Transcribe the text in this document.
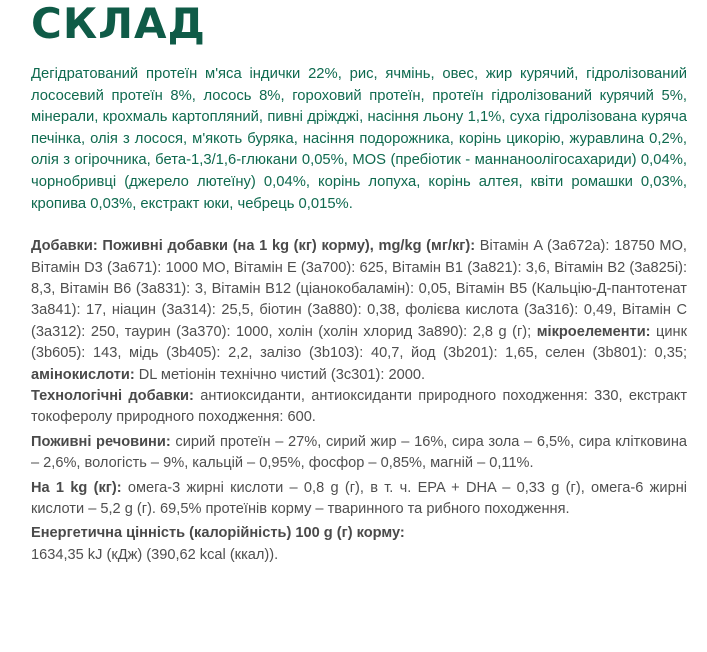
СКЛАД

Дегідратований протеїн м'яса індички 22%, рис, ячмінь, овес, жир курячий, гідролізований лососевий протеїн 8%, лосось 8%, гороховий протеїн, протеїн гідролізований курячий 5%, мінерали, крохмаль картопляний, пивні дріжджі, насіння льону 1,1%, суха гідролізована куряча печінка, олія з лосося, м'якоть буряка, насіння подорожника, корінь цикорію, журавлина 0,2%, олія з огірочника, бета-1,3/1,6-глюкани 0,05%, MOS (пребіотик - маннаноолігосахариди) 0,04%, чорнобривці (джерело лютеїну) 0,04%, корінь лопуха, корінь алтея, квіти ромашки 0,03%, кропива 0,03%, екстракт юки, чебрець 0,015%.

Добавки: Поживні добавки (на 1 kg (кг) корму), mg/kg (мг/кг): Вітамін A (3a672a): 18750 МО, Вітамін D3 (3a671): 1000 МО, Вітамін E (3a700): 625, Вітамін B1 (3a821): 3,6, Вітамін B2 (3a825i): 8,3, Вітамін B6 (3a831): 3, Вітамін B12 (ціанокобаламін): 0,05, Вітамін B5 (Кальцію-Д-пантотенат 3a841): 17, ніацин (3a314): 25,5, біотин (3a880): 0,38, фолієва кислота (3a316): 0,49, Вітамін C (3a312): 250, таурин (3a370): 1000, холін (холін хлорид 3a890): 2,8 g (г); мікроелементи: цинк (3b605): 143, мідь (3b405): 2,2, залізо (3b103): 40,7, йод (3b201): 1,65, селен (3b801): 0,35; амінокислоти: DL метіонін технічно чистий (3c301): 2000.

Технологічні добавки: антиоксиданти, антиоксиданти природного походження: 330, екстракт токоферолу природного походження: 600.

Поживні речовини: сирий протеїн – 27%, сирий жир – 16%, сира зола – 6,5%, сира клітковина – 2,6%, вологість – 9%, кальцій – 0,95%, фосфор – 0,85%, магній – 0,11%.

На 1 kg (кг): омега-3 жирні кислоти – 0,8 g (г), в т. ч. EPA + DHA – 0,33 g (г), омега-6 жирні кислоти – 5,2 g (г). 69,5% протеїнів корму – тваринного та рибного походження.

Енергетична цінність (калорійність) 100 g (г) корму:
1634,35 kJ (кДж) (390,62 kcal (ккал)).
